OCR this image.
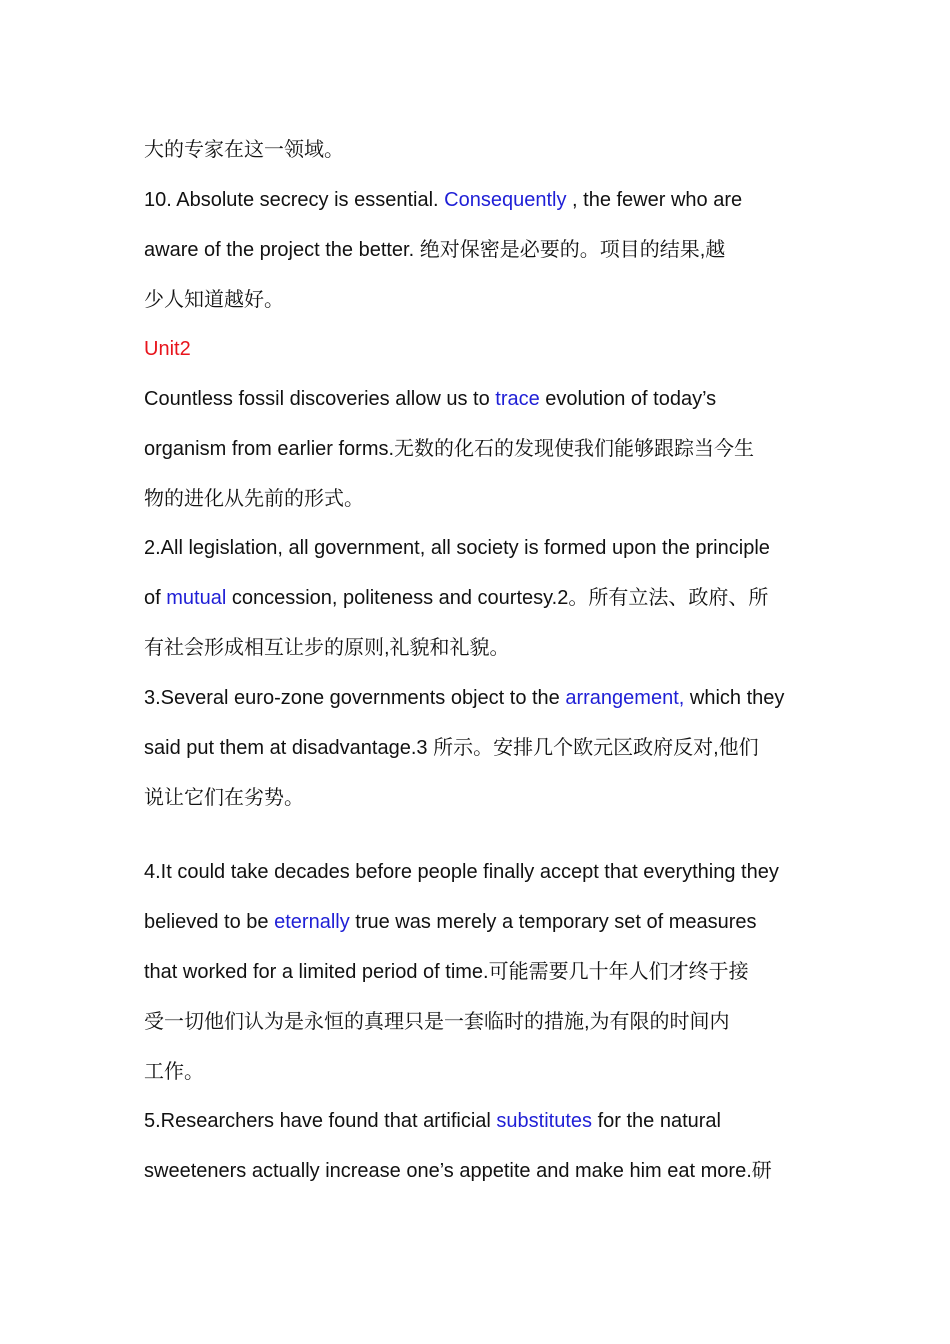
大的专家在这一领域。
10. Absolute secrecy is essential. Consequently , the fewer who are
aware of the project the better. 绝对保密是必要的。项目的结果,越
少人知道越好。
Unit2
Countless fossil discoveries allow us to trace evolution of today’s
organism from earlier forms.无数的化石的发现使我们能够跟踪当今生
物的进化从先前的形式。
2.All legislation, all government, all society is formed upon the principle
of mutual concession, politeness and courtesy.2。所有立法、政府、所
有社会形成相互让步的原则,礼貌和礼貌。
3.Several euro-zone governments object to the arrangement, which they
said put them at disadvantage.3 所示。安排几个欧元区政府反对,他们
说让它们在劣势。
4.It could take decades before people finally accept that everything they
believed to be eternally true was merely a temporary set of measures
that worked for a limited period of time.可能需要几十年人们才终于接
受一切他们认为是永恒的真理只是一套临时的措施,为有限的时间内
工作。
5.Researchers have found that artificial substitutes for the natural
sweeteners actually increase one’s appetite and make him eat more.研
